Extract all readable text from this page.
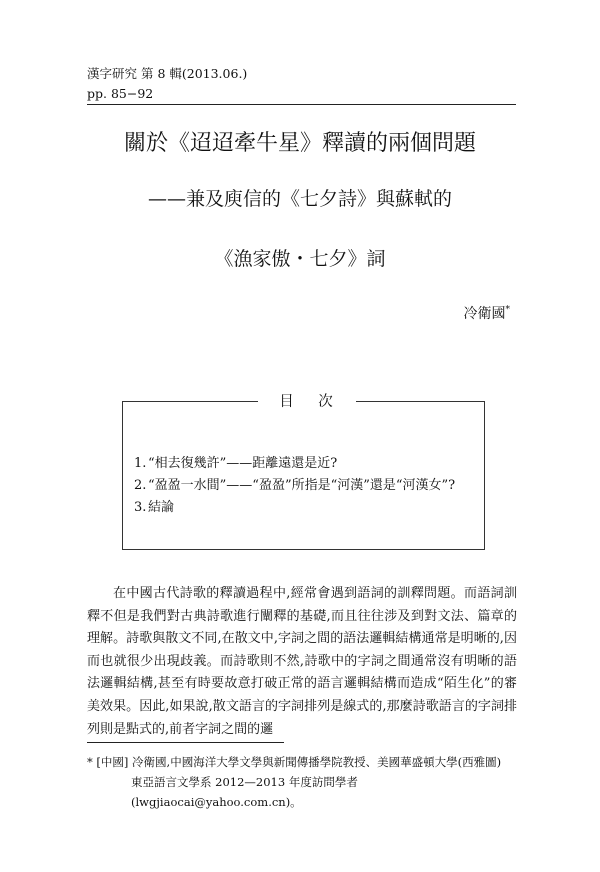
漢字研究 第 8 輯(2013.06.)
pp. 85−92
關於《迢迢牽牛星》釋讀的兩個問題
——兼及庾信的《七夕詩》與蘇軾的
《漁家傲・七夕》詞
冷衛國*
目 次
1. “相去復幾許”——距離遠還是近?
2. “盈盈一水間”——“盈盈”所指是“河漢”還是“河漢女”?
3. 結論

在中國古代詩歌的釋讀過程中,經常會遇到語詞的訓釋問題。而語詞訓釋不但是我們對古典詩歌進行闡釋的基礎,而且往往涉及到對文法、篇章的理解。詩歌與散文不同,在散文中,字詞之間的語法邏輯結構通常是明晰的,因而也就很少出現歧義。而詩歌則不然,詩歌中的字詞之間通常沒有明晰的語法邏輯結構,甚至有時要故意打破正常的語言邏輯結構而造成“陌生化”的審美效果。因此,如果說,散文語言的字詞排列是線式的,那麼詩歌語言的字詞排列則是點式的,前者字詞之間的邏

* [中國] 冷衛國,中國海洋大學文學與新聞傳播學院教授、美國華盛頓大學(西雅圖)
東亞語言文學系 2012—2013 年度訪問學者(lwgjiaocai@yahoo.com.cn)。
